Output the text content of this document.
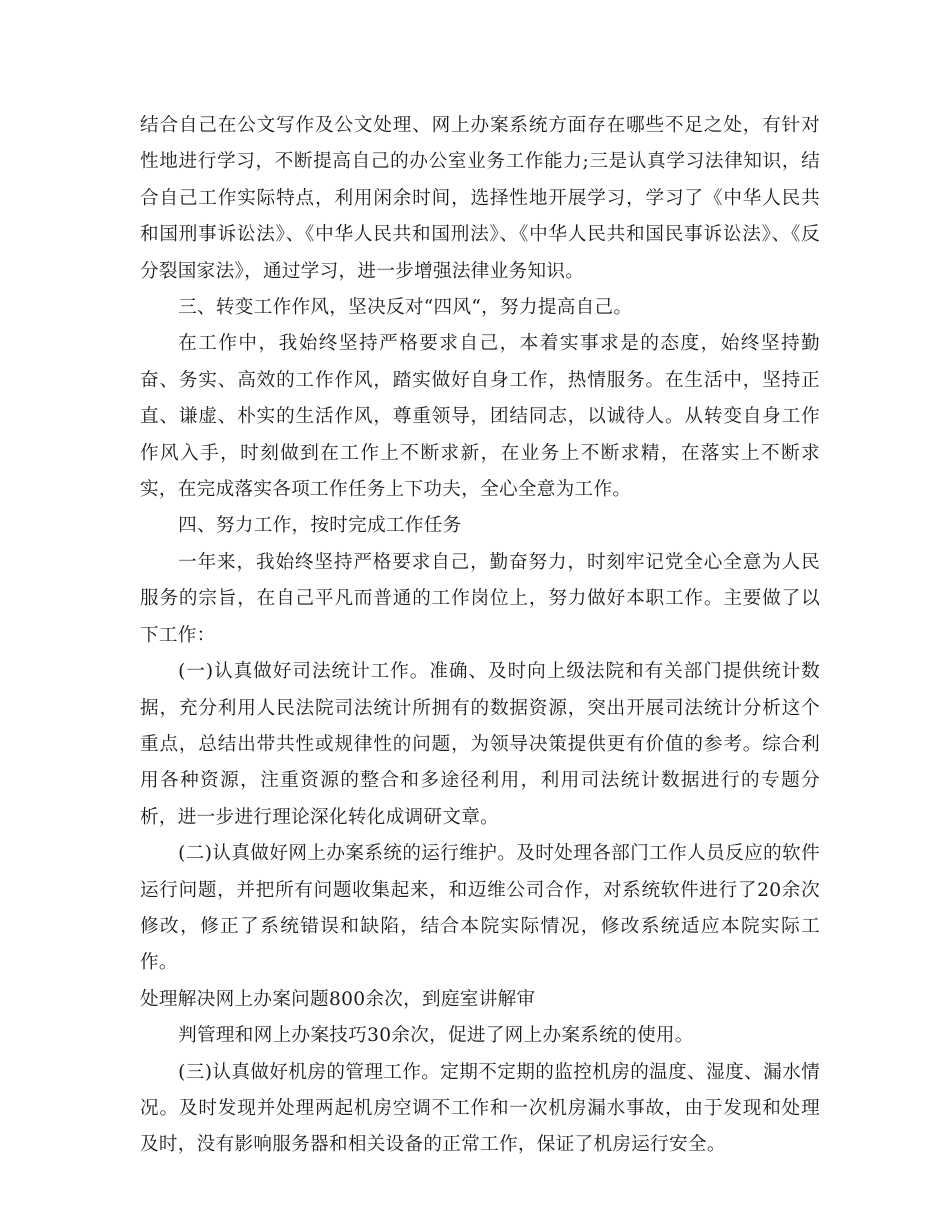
结合自己在公文写作及公文处理、网上办案系统方面存在哪些不足之处，有针对性地进行学习，不断提高自己的办公室业务工作能力;三是认真学习法律知识，结合自己工作实际特点，利用闲余时间，选择性地开展学习，学习了《中华人民共和国刑事诉讼法》、《中华人民共和国刑法》、《中华人民共和国民事诉讼法》、《反分裂国家法》，通过学习，进一步增强法律业务知识。

三、转变工作作风，坚决反对“四风“，努力提高自己。

在工作中，我始终坚持严格要求自己，本着实事求是的态度，始终坚持勤奋、务实、高效的工作作风，踏实做好自身工作，热情服务。在生活中，坚持正直、谦虚、朴实的生活作风，尊重领导，团结同志，以诚待人。从转变自身工作作风入手，时刻做到在工作上不断求新，在业务上不断求精，在落实上不断求实，在完成落实各项工作任务上下功夫，全心全意为工作。

四、努力工作，按时完成工作任务

一年来，我始终坚持严格要求自己，勤奋努力，时刻牢记党全心全意为人民服务的宗旨，在自己平凡而普通的工作岗位上，努力做好本职工作。主要做了以下工作：

(一)认真做好司法统计工作。准确、及时向上级法院和有关部门提供统计数据，充分利用人民法院司法统计所拥有的数据资源，突出开展司法统计分析这个重点，总结出带共性或规律性的问题，为领导决策提供更有价值的参考。综合利用各种资源，注重资源的整合和多途径利用，利用司法统计数据进行的专题分析，进一步进行理论深化转化成调研文章。

(二)认真做好网上办案系统的运行维护。及时处理各部门工作人员反应的软件运行问题，并把所有问题收集起来，和迈维公司合作，对系统软件进行了20余次修改，修正了系统错误和缺陷，结合本院实际情况，修改系统适应本院实际工作。

处理解决网上办案问题800余次，到庭室讲解审

判管理和网上办案技巧30余次，促进了网上办案系统的使用。

(三)认真做好机房的管理工作。定期不定期的监控机房的温度、湿度、漏水情况。及时发现并处理两起机房空调不工作和一次机房漏水事故，由于发现和处理及时，没有影响服务器和相关设备的正常工作，保证了机房运行安全。
